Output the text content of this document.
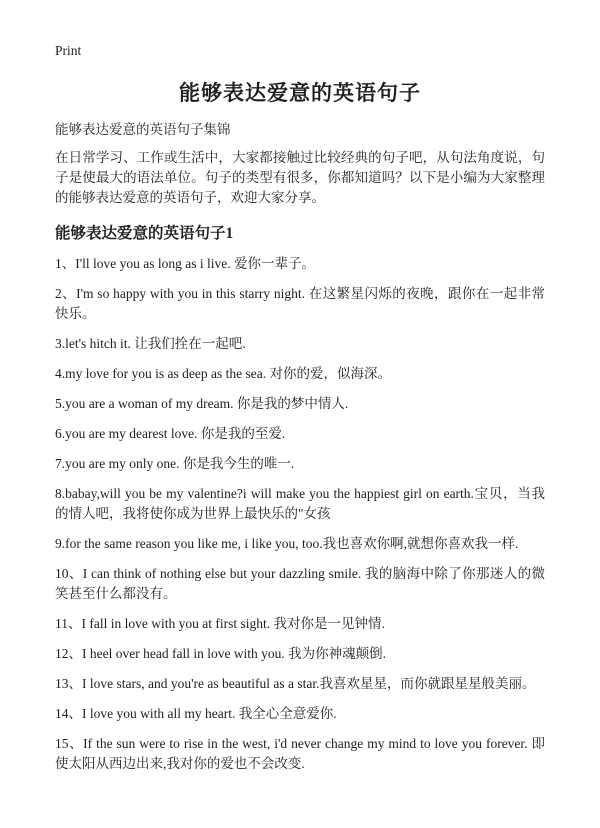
Print
能够表达爱意的英语句子
能够表达爱意的英语句子集锦

在日常学习、工作或生活中，大家都接触过比较经典的句子吧，从句法角度说，句子是使最大的语法单位。句子的类型有很多，你都知道吗？以下是小编为大家整理的能够表达爱意的英语句子，欢迎大家分享。

能够表达爱意的英语句子1
1、I'll love you as long as i live. 爱你一辈子。
2、I'm so happy with you in this starry night. 在这繁星闪烁的夜晚，跟你在一起非常快乐。
3.let's hitch it. 让我们拴在一起吧.
4.my love for you is as deep as the sea. 对你的爱，似海深。
5.you are a woman of my dream. 你是我的梦中情人.
6.you are my dearest love. 你是我的至爱.
7.you are my only one. 你是我今生的唯一.
8.babay,will you be my valentine?i will make you the happiest girl on earth.宝贝，当我的情人吧，我将使你成为世界上最快乐的"女孩
9.for the same reason you like me, i like you, too.我也喜欢你啊,就想你喜欢我一样.
10、I can think of nothing else but your dazzling smile. 我的脑海中除了你那迷人的微笑甚至什么都没有。
11、I fall in love with you at first sight. 我对你是一见钟情.
12、I heel over head fall in love with you. 我为你神魂颠倒.
13、I love stars, and you're as beautiful as a star.我喜欢星星，而你就跟星星般美丽。
14、I love you with all my heart. 我全心全意爱你.
15、If the sun were to rise in the west, i'd never change my mind to love you forever. 即使太阳从西边出来,我对你的爱也不会改变.
